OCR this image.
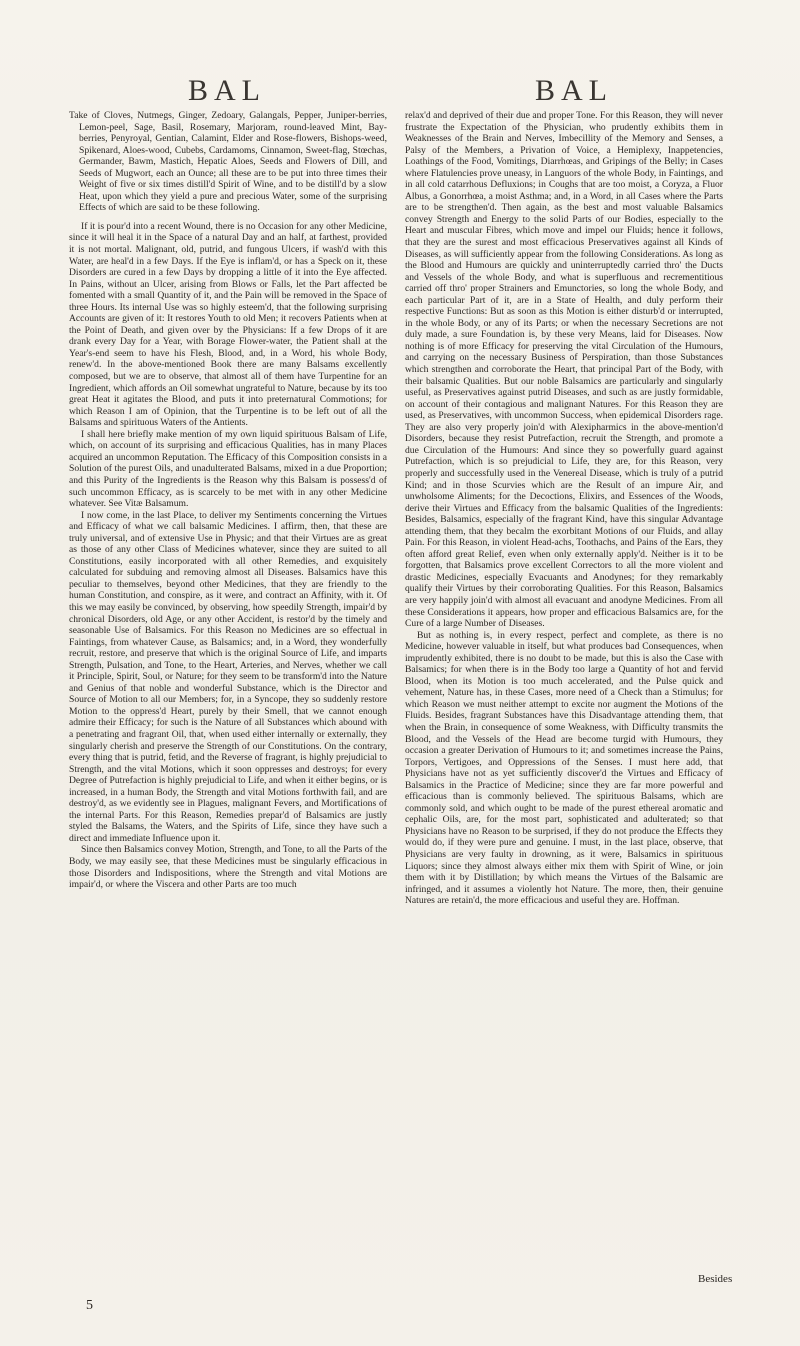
BAL	BAL

Take of Cloves, Nutmegs, Ginger, Zedoary, Galangals, Pepper, Juniper-berries, Lemon-peel, Sage, Basil, Rosemary, Marjoram, round-leaved Mint, Bay-berries, Penyroyal, Gentian, Calamint, Elder and Rose-flowers, Bishops-weed, Spikenard, Aloes-wood, Cubebs, Cardamoms, Cinnamon, Sweet-flag, Stœchas, Germander, Bawm, Mastich, Hepatic Aloes, Seeds and Flowers of Dill, and Seeds of Mugwort, each an Ounce; all these are to be put into three times their Weight of five or six times distill'd Spirit of Wine, and to be distill'd by a slow Heat, upon which they yield a pure and precious Water, some of the surprising Effects of which are said to be these following.

If it is pour'd into a recent Wound, there is no Occasion for any other Medicine, since it will heal it in the Space of a natural Day and an half, at farthest, provided it is not mortal. Malignant, old, putrid, and fungous Ulcers, if wash'd with this Water, are heal'd in a few Days. If the Eye is inflam'd, or has a Speck on it, these Disorders are cured in a few Days by dropping a little of it into the Eye affected. In Pains, without an Ulcer, arising from Blows or Falls, let the Part affected be fomented with a small Quantity of it, and the Pain will be removed in the Space of three Hours. Its internal Use was so highly esteem'd, that the following surprising Accounts are given of it: It restores Youth to old Men; it recovers Patients when at the Point of Death, and given over by the Physicians: If a few Drops of it are drank every Day for a Year, with Borage Flower-water, the Patient shall at the Year's-end seem to have his Flesh, Blood, and, in a Word, his whole Body, renew'd. In the above-mentioned Book there are many Balsams excellently composed, but we are to observe, that almost all of them have Turpentine for an Ingredient, which affords an Oil somewhat ungrateful to Nature, because by its too great Heat it agitates the Blood, and puts it into preternatural Commotions; for which Reason I am of Opinion, that the Turpentine is to be left out of all the Balsams and spirituous Waters of the Antients.

I shall here briefly make mention of my own liquid spirituous Balsam of Life, which, on account of its surprising and efficacious Qualities, has in many Places acquired an uncommon Reputation. The Efficacy of this Composition consists in a Solution of the purest Oils, and unadulterated Balsams, mixed in a due Proportion; and this Purity of the Ingredients is the Reason why this Balsam is possess'd of such uncommon Efficacy, as is scarcely to be met with in any other Medicine whatever. See Vitæ Balsamum.

I now come, in the last Place, to deliver my Sentiments concerning the Virtues and Efficacy of what we call balsamic Medicines. I affirm, then, that these are truly universal, and of extensive Use in Physic; and that their Virtues are as great as those of any other Class of Medicines whatever, since they are suited to all Constitutions, easily incorporated with all other Remedies, and exquisitely calculated for subduing and removing almost all Diseases. Balsamics have this peculiar to themselves, beyond other Medicines, that they are friendly to the human Constitution, and conspire, as it were, and contract an Affinity, with it. Of this we may easily be convinced, by observing, how speedily Strength, impair'd by chronical Disorders, old Age, or any other Accident, is restor'd by the timely and seasonable Use of Balsamics. For this Reason no Medicines are so effectual in Faintings, from whatever Cause, as Balsamics; and, in a Word, they wonderfully recruit, restore, and preserve that which is the original Source of Life, and imparts Strength, Pulsation, and Tone, to the Heart, Arteries, and Nerves, whether we call it Principle, Spirit, Soul, or Nature; for they seem to be transform'd into the Nature and Genius of that noble and wonderful Substance, which is the Director and Source of Motion to all our Members; for, in a Syncope, they so suddenly restore Motion to the oppress'd Heart, purely by their Smell, that we cannot enough admire their Efficacy; for such is the Nature of all Substances which abound with a penetrating and fragrant Oil, that, when used either internally or externally, they singularly cherish and preserve the Strength of our Constitutions. On the contrary, every thing that is putrid, fetid, and the Reverse of fragrant, is highly prejudicial to Strength, and the vital Motions, which it soon oppresses and destroys; for every Degree of Putrefaction is highly prejudicial to Life, and when it either begins, or is increased, in a human Body, the Strength and vital Motions forthwith fail, and are destroy'd, as we evidently see in Plagues, malignant Fevers, and Mortifications of the internal Parts. For this Reason, Remedies prepar'd of Balsamics are justly styled the Balsams, the Waters, and the Spirits of Life, since they have such a direct and immediate Influence upon it.

Since then Balsamics convey Motion, Strength, and Tone, to all the Parts of the Body, we may easily see, that these Medicines must be singularly efficacious in those Disorders and Indispositions, where the Strength and vital Motions are impair'd, or where the Viscera and other Parts are too much

relax'd and deprived of their due and proper Tone. For this Reason, they will never frustrate the Expectation of the Physician, who prudently exhibits them in Weaknesses of the Brain and Nerves, Imbecillity of the Memory and Senses, a Palsy of the Members, a Privation of Voice, a Hemiplexy, Inappetencies, Loathings of the Food, Vomitings, Diarrhœas, and Gripings of the Belly; in Cases where Flatulencies prove uneasy, in Languors of the whole Body, in Faintings, and in all cold catarrhous Defluxions; in Coughs that are too moist, a Coryza, a Fluor Albus, a Gonorrhœa, a moist Asthma; and, in a Word, in all Cases where the Parts are to be strengthen'd. Then again, as the best and most valuable Balsamics convey Strength and Energy to the solid Parts of our Bodies, especially to the Heart and muscular Fibres, which move and impel our Fluids; hence it follows, that they are the surest and most efficacious Preservatives against all Kinds of Diseases, as will sufficiently appear from the following Considerations. As long as the Blood and Humours are quickly and uninterruptedly carried thro' the Ducts and Vessels of the whole Body, and what is superfluous and recrementitious carried off thro' proper Strainers and Emunctories, so long the whole Body, and each particular Part of it, are in a State of Health, and duly perform their respective Functions: But as soon as this Motion is either disturb'd or interrupted, in the whole Body, or any of its Parts; or when the necessary Secretions are not duly made, a sure Foundation is, by these very Means, laid for Diseases. Now nothing is of more Efficacy for preserving the vital Circulation of the Humours, and carrying on the necessary Business of Perspiration, than those Substances which strengthen and corroborate the Heart, that principal Part of the Body, with their balsamic Qualities. But our noble Balsamics are particularly and singularly useful, as Preservatives against putrid Diseases, and such as are justly formidable, on account of their contagious and malignant Natures. For this Reason they are used, as Preservatives, with uncommon Success, when epidemical Disorders rage. They are also very properly join'd with Alexipharmics in the above-mention'd Disorders, because they resist Putrefaction, recruit the Strength, and promote a due Circulation of the Humours: And since they so powerfully guard against Putrefaction, which is so prejudicial to Life, they are, for this Reason, very properly and successfully used in the Venereal Disease, which is truly of a putrid Kind; and in those Scurvies which are the Result of an impure Air, and unwholsome Aliments; for the Decoctions, Elixirs, and Essences of the Woods, derive their Virtues and Efficacy from the balsamic Qualities of the Ingredients: Besides, Balsamics, especially of the fragrant Kind, have this singular Advantage attending them, that they becalm the exorbitant Motions of our Fluids, and allay Pain. For this Reason, in violent Head-achs, Toothachs, and Pains of the Ears, they often afford great Relief, even when only externally apply'd. Neither is it to be forgotten, that Balsamics prove excellent Correctors to all the more violent and drastic Medicines, especially Evacuants and Anodynes; for they remarkably qualify their Virtues by their corroborating Qualities. For this Reason, Balsamics are very happily join'd with almost all evacuant and anodyne Medicines. From all these Considerations it appears, how proper and efficacious Balsamics are, for the Cure of a large Number of Diseases.

But as nothing is, in every respect, perfect and complete, as there is no Medicine, however valuable in itself, but what produces bad Consequences, when imprudently exhibited, there is no doubt to be made, but this is also the Case with Balsamics; for when there is in the Body too large a Quantity of hot and fervid Blood, when its Motion is too much accelerated, and the Pulse quick and vehement, Nature has, in these Cases, more need of a Check than a Stimulus; for which Reason we must neither attempt to excite nor augment the Motions of the Fluids. Besides, fragrant Substances have this Disadvantage attending them, that when the Brain, in consequence of some Weakness, with Difficulty transmits the Blood, and the Vessels of the Head are become turgid with Humours, they occasion a greater Derivation of Humours to it; and sometimes increase the Pains, Torpors, Vertigoes, and Oppressions of the Senses. I must here add, that Physicians have not as yet sufficiently discover'd the Virtues and Efficacy of Balsamics in the Practice of Medicine; since they are far more powerful and efficacious than is commonly believed. The spirituous Balsams, which are commonly sold, and which ought to be made of the purest ethereal aromatic and cephalic Oils, are, for the most part, sophisticated and adulterated; so that Physicians have no Reason to be surprised, if they do not produce the Effects they would do, if they were pure and genuine. I must, in the last place, observe, that Physicians are very faulty in drowning, as it were, Balsamics in spirituous Liquors; since they almost always either mix them with Spirit of Wine, or join them with it by Distillation; by which means the Virtues of the Balsamic are infringed, and it assumes a violently hot Nature. The more, then, their genuine Natures are retain'd, the more efficacious and useful they are. Hoffman.

5
Besides
